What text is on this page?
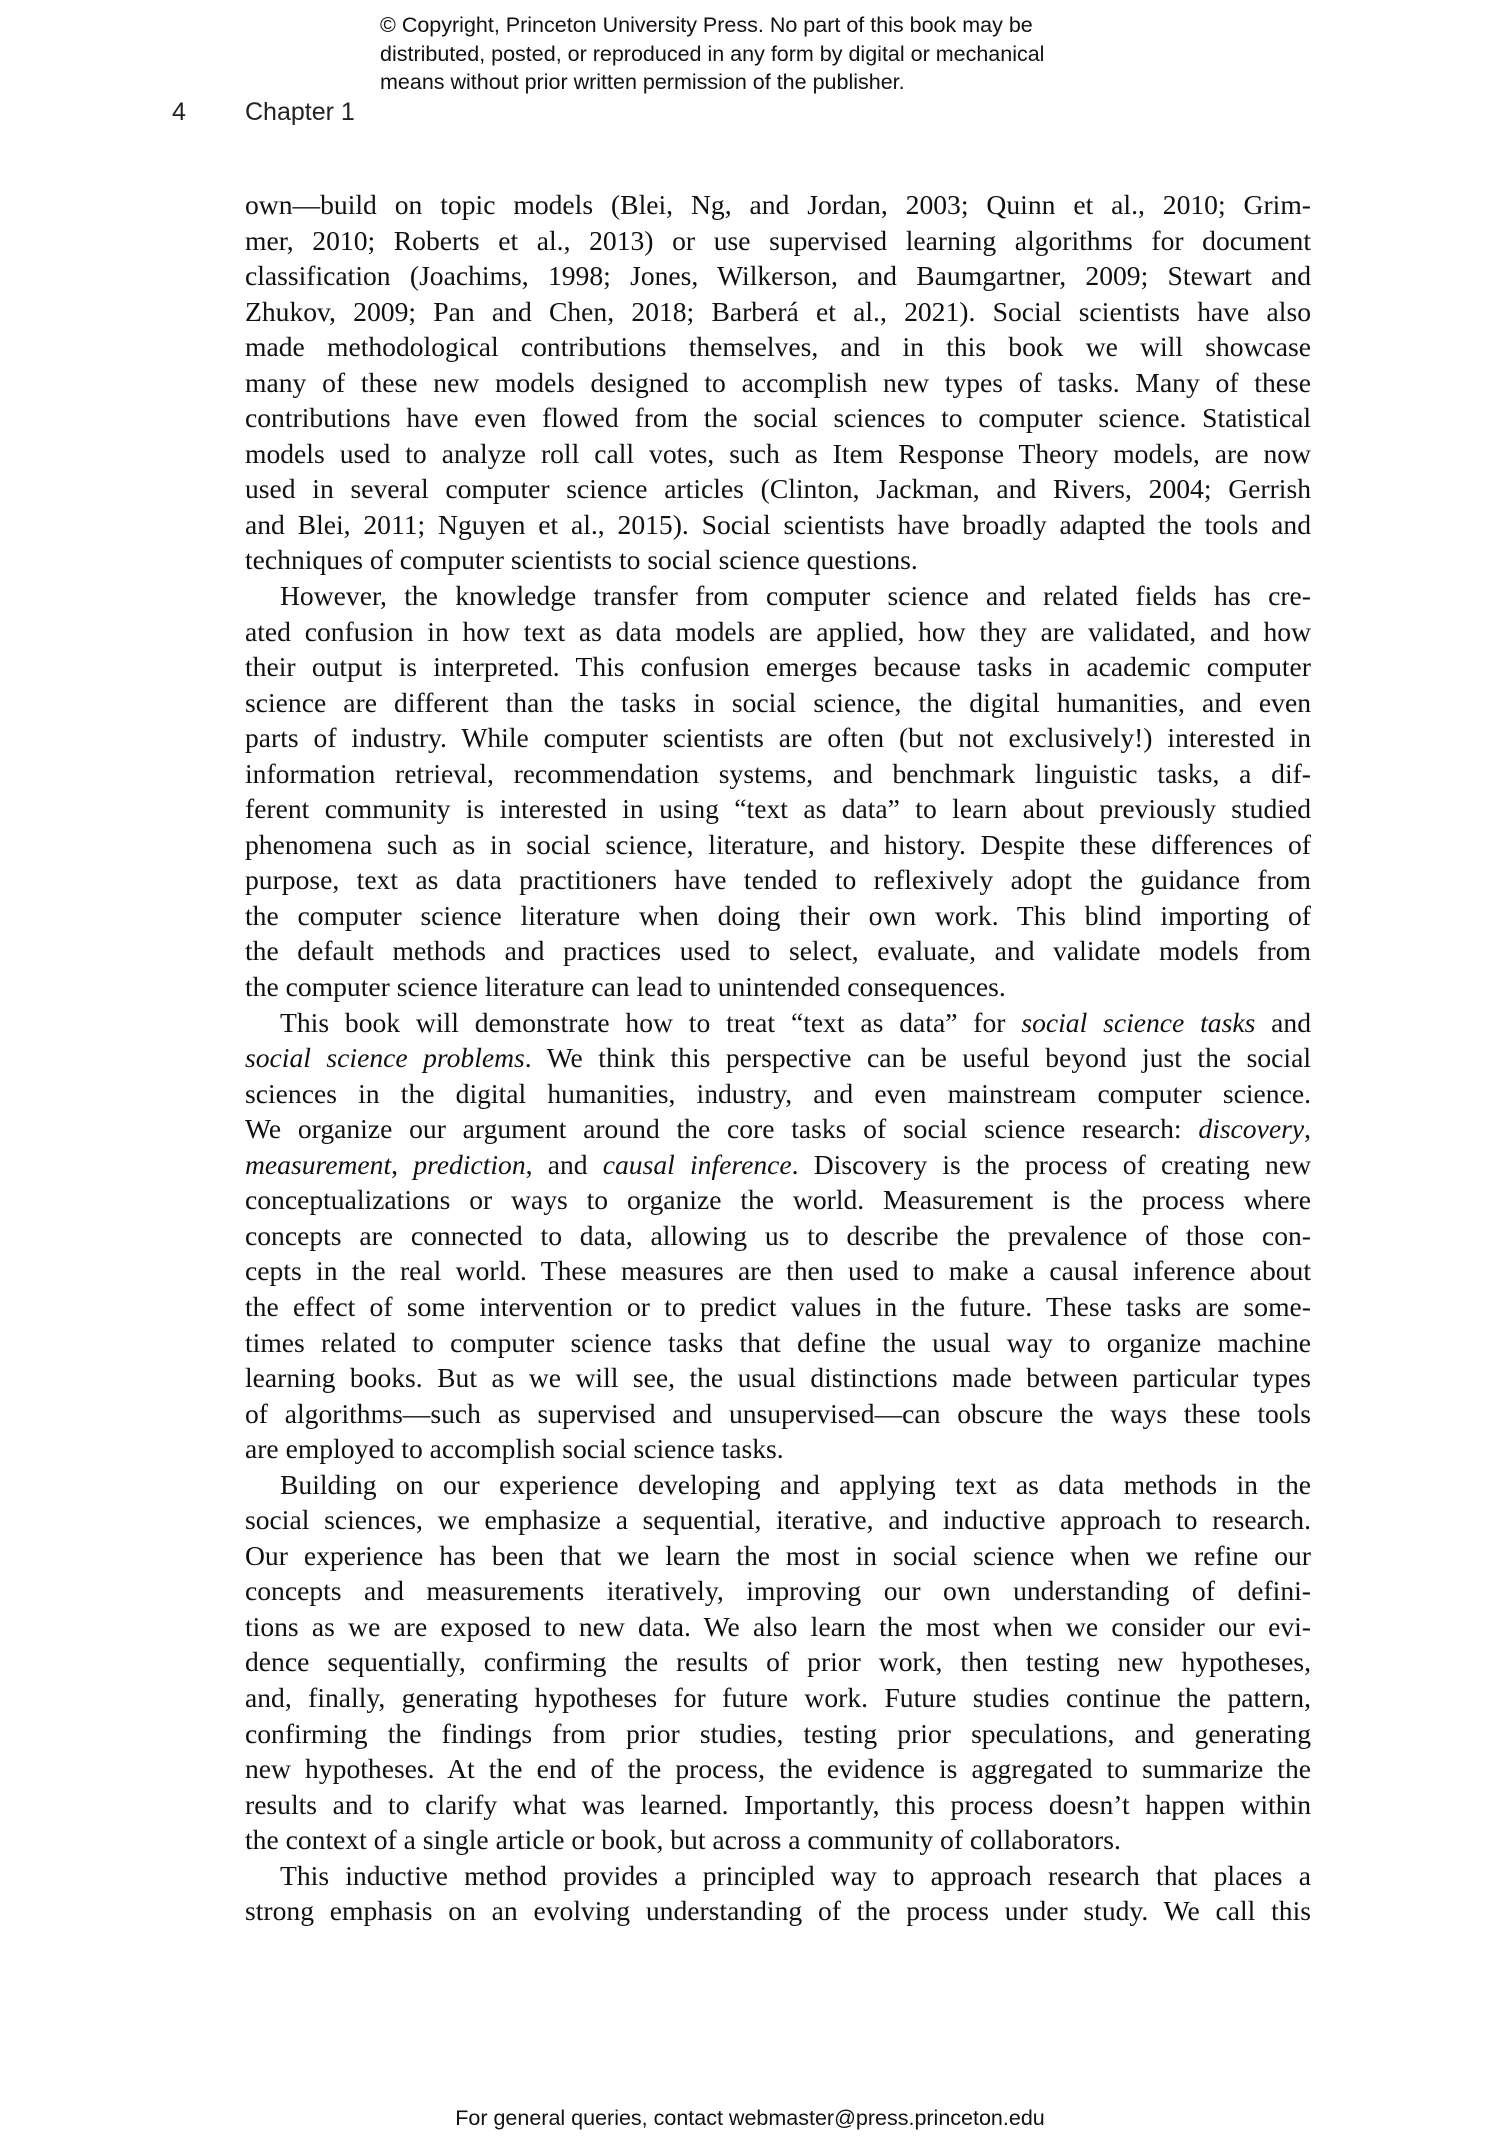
© Copyright, Princeton University Press. No part of this book may be
distributed, posted, or reproduced in any form by digital or mechanical
means without prior written permission of the publisher.
4 Chapter 1
own—build on topic models (Blei, Ng, and Jordan, 2003; Quinn et al., 2010; Grim-
mer, 2010; Roberts et al., 2013) or use supervised learning algorithms for document
classification (Joachims, 1998; Jones, Wilkerson, and Baumgartner, 2009; Stewart and
Zhukov, 2009; Pan and Chen, 2018; Barberá et al., 2021). Social scientists have also
made methodological contributions themselves, and in this book we will showcase
many of these new models designed to accomplish new types of tasks. Many of these
contributions have even flowed from the social sciences to computer science. Statistical
models used to analyze roll call votes, such as Item Response Theory models, are now
used in several computer science articles (Clinton, Jackman, and Rivers, 2004; Gerrish
and Blei, 2011; Nguyen et al., 2015). Social scientists have broadly adapted the tools and
techniques of computer scientists to social science questions.
However, the knowledge transfer from computer science and related fields has cre-
ated confusion in how text as data models are applied, how they are validated, and how
their output is interpreted. This confusion emerges because tasks in academic computer
science are different than the tasks in social science, the digital humanities, and even
parts of industry. While computer scientists are often (but not exclusively!) interested in
information retrieval, recommendation systems, and benchmark linguistic tasks, a dif-
ferent community is interested in using “text as data” to learn about previously studied
phenomena such as in social science, literature, and history. Despite these differences of
purpose, text as data practitioners have tended to reflexively adopt the guidance from
the computer science literature when doing their own work. This blind importing of
the default methods and practices used to select, evaluate, and validate models from
the computer science literature can lead to unintended consequences.
This book will demonstrate how to treat “text as data” for social science tasks and
social science problems. We think this perspective can be useful beyond just the social
sciences in the digital humanities, industry, and even mainstream computer science.
We organize our argument around the core tasks of social science research: discovery,
measurement, prediction, and causal inference. Discovery is the process of creating new
conceptualizations or ways to organize the world. Measurement is the process where
concepts are connected to data, allowing us to describe the prevalence of those con-
cepts in the real world. These measures are then used to make a causal inference about
the effect of some intervention or to predict values in the future. These tasks are some-
times related to computer science tasks that define the usual way to organize machine
learning books. But as we will see, the usual distinctions made between particular types
of algorithms—such as supervised and unsupervised—can obscure the ways these tools
are employed to accomplish social science tasks.
Building on our experience developing and applying text as data methods in the
social sciences, we emphasize a sequential, iterative, and inductive approach to research.
Our experience has been that we learn the most in social science when we refine our
concepts and measurements iteratively, improving our own understanding of defini-
tions as we are exposed to new data. We also learn the most when we consider our evi-
dence sequentially, confirming the results of prior work, then testing new hypotheses,
and, finally, generating hypotheses for future work. Future studies continue the pattern,
confirming the findings from prior studies, testing prior speculations, and generating
new hypotheses. At the end of the process, the evidence is aggregated to summarize the
results and to clarify what was learned. Importantly, this process doesn’t happen within
the context of a single article or book, but across a community of collaborators.
This inductive method provides a principled way to approach research that places a
strong emphasis on an evolving understanding of the process under study. We call this
For general queries, contact webmaster@press.princeton.edu
